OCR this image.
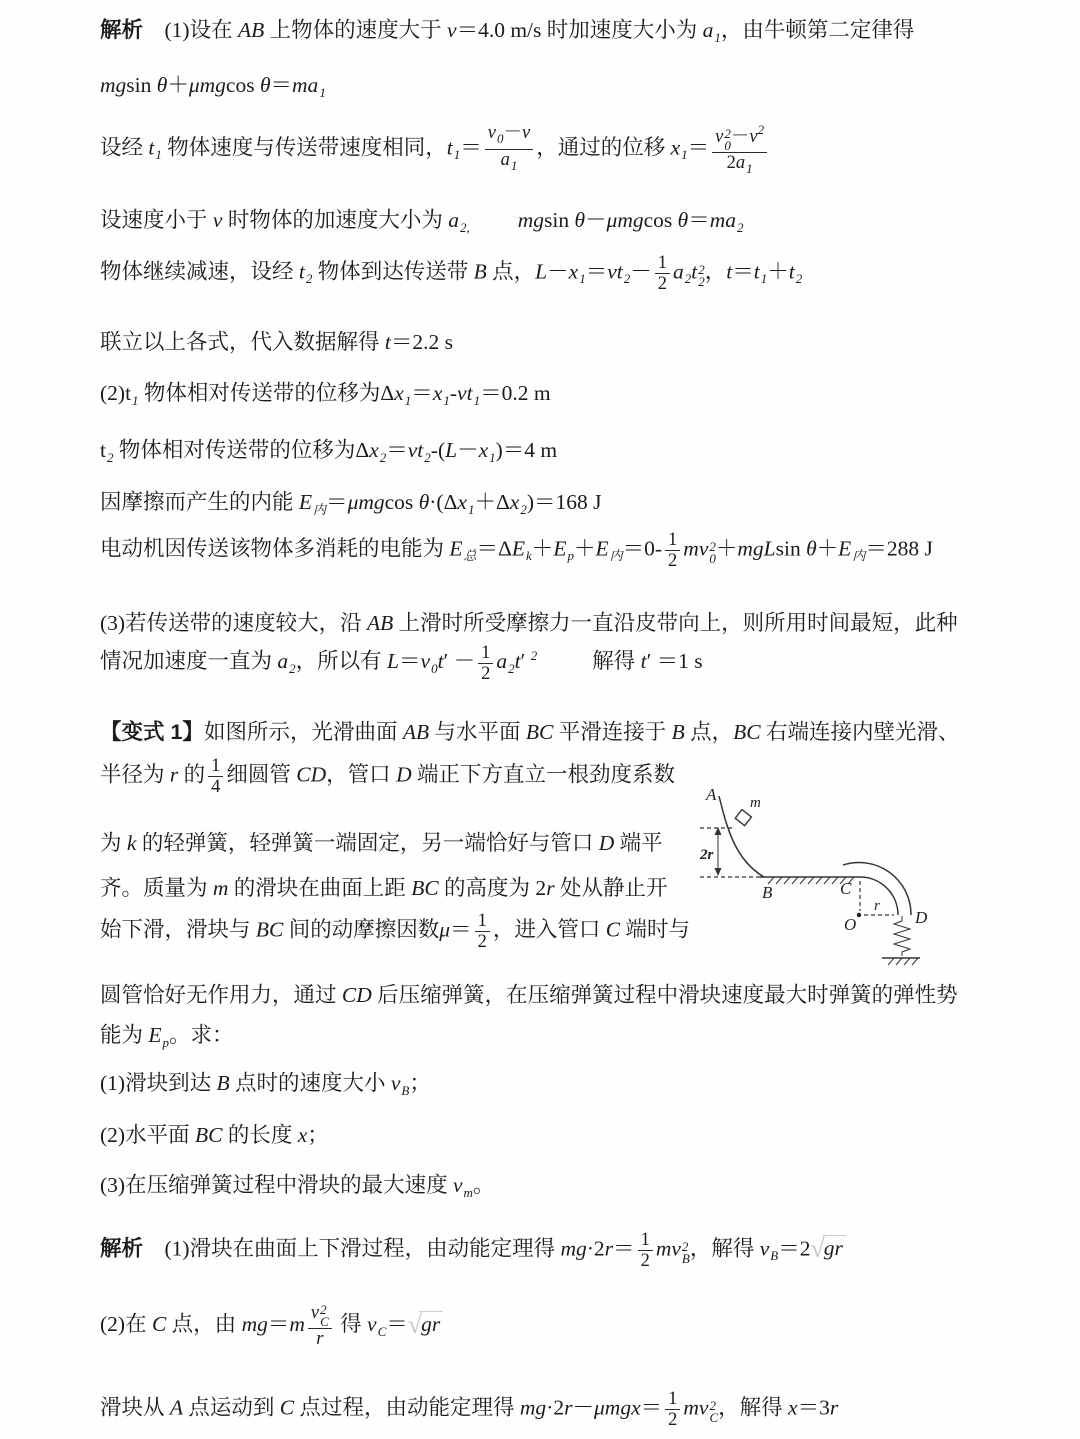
A m
2r
B	C
r
O	D
解析　(1)设在 AB 上物体的速度大于 v＝4.0 m/s 时加速度大小为 $a_1$，由牛顿第二定律得
mgsin θ＋μmgcos $\theta=ma_1$
设经 $t_1$ 物体速度与传送带速度相同，$t_1= \frac{v_0-v}{a_1}$ ，通过的位移 $x_1= v$ 2
$0 -v^2$
$2a_1$
设速度小于 v 时物体的加速度大小为 $a_{2,}$ mgsin θ－μmgcos $\theta=ma_2$
物体继续减速，设经 $t_2$ 物体到达传送带 B 点，$L-x_1=vt_2- \frac{1}{2} a_2t$ 2
2 ，$t=t_1+t_2$
联立以上各式，代入数据解得 t＝2.2 s
$(2)t_1$ 物体相对传送带的位移为$\Delta x_1=x_1-vt_1=0.2$ m
$t_2$ 物体相对传送带的位移为$\Delta x_2=vt_2-(L-x_1)=4$ m
因摩擦而产生的内能 $E_内=\mu mgcos$ $\theta\cdot(\Delta x_1+\Delta x_2)=168$ J
电动机因传送该物体多消耗的电能为 $E_总=\Delta E_k+E_p+E_内=0- \frac{1}{2}$ mv 2
0 ＋mgLsin $\theta+E_内=288$ J
(3)若传送带的速度较大，沿 AB 上滑时所受摩擦力一直沿皮带向上，则所用时间最短，此种
情况加速度一直为 $a_2$，所以有 $L=v_0t' - \frac{1}{2} a_2t'$ $^2$	解得 t′ ＝1 s
【变式 1】如图所示，光滑曲面 AB 与水平面 BC 平滑连接于 B 点，BC 右端连接内壁光滑、
半径为 r 的 $\frac{1}{4}$ 细圆管 CD，管口 D 端正下方直立一根劲度系数
为 k 的轻弹簧，轻弹簧一端固定，另一端恰好与管口 D 端平
齐。质量为 m 的滑块在曲面上距 BC 的高度为 2r 处从静止开
始下滑，滑块与 BC 间的动摩擦因数$\mu= \frac{1}{2}$ ，进入管口 C 端时与
圆管恰好无作用力，通过 CD 后压缩弹簧，在压缩弹簧过程中滑块速度最大时弹簧的弹性势
能为 $E_p$。求：
(1)滑块到达 B 点时的速度大小 $v_B$；
(2)水平面 BC 的长度 x；
(3)在压缩弹簧过程中滑块的最大速度 $v_m$。
解析　(1)滑块在曲面上下滑过程，由动能定理得 $mg\cdot 2r= \frac{1}{2}$ mv 2
B ，解得 $v_B=2√gr$
(2)在 C 点，由 mg＝m v 2
C
r 得 $v_C=√gr$
滑块从 A 点运动到 C 点过程，由动能定理得 $mg\cdot 2r-\mu mgx= \frac{1}{2}$ mv 2
C ，解得 x＝3r
